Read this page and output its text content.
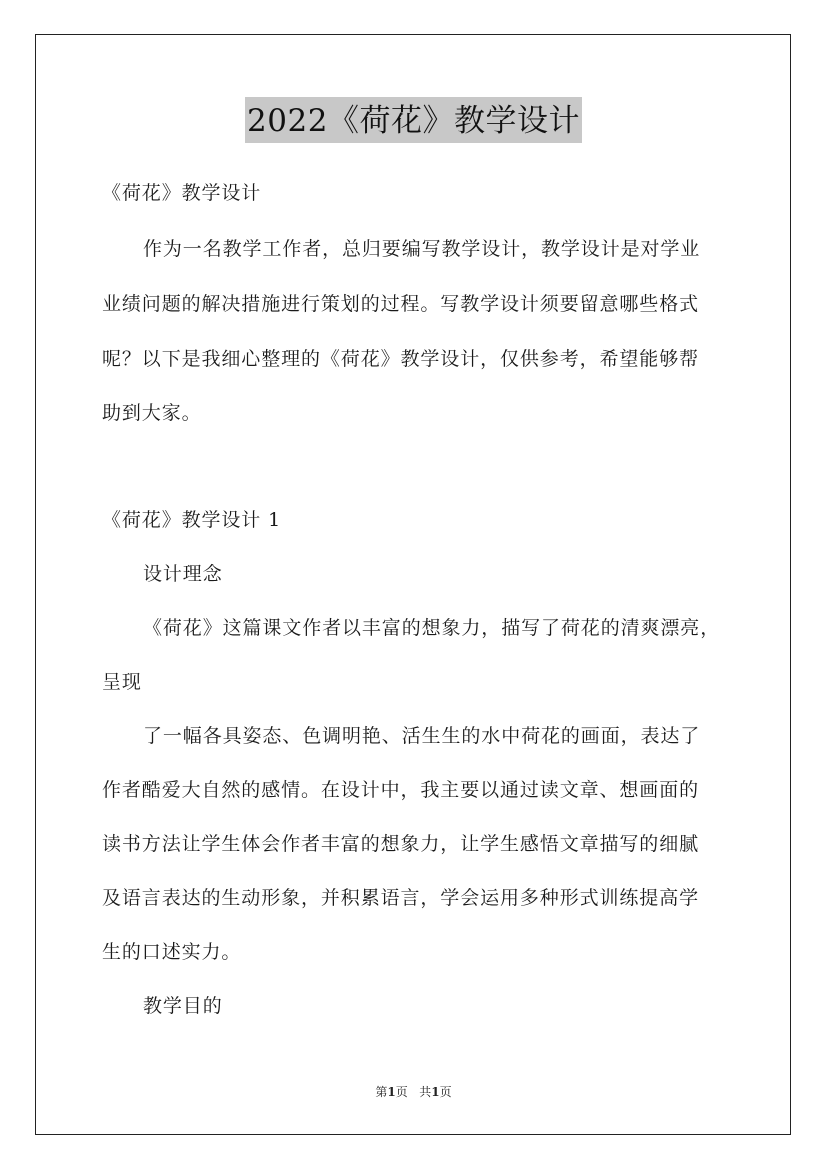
2022《荷花》教学设计
《荷花》教学设计
作为一名教学工作者，总归要编写教学设计，教学设计是对学业
业绩问题的解决措施进行策划的过程。写教学设计须要留意哪些格式
呢？以下是我细心整理的《荷花》教学设计，仅供参考，希望能够帮
助到大家。
《荷花》教学设计 1
设计理念
《荷花》这篇课文作者以丰富的想象力，描写了荷花的清爽漂亮，
呈现
了一幅各具姿态、色调明艳、活生生的水中荷花的画面，表达了
作者酷爱大自然的感情。在设计中，我主要以通过读文章、想画面的
读书方法让学生体会作者丰富的想象力，让学生感悟文章描写的细腻
及语言表达的生动形象，并积累语言，学会运用多种形式训练提高学
生的口述实力。
教学目的
第1页 共1页
